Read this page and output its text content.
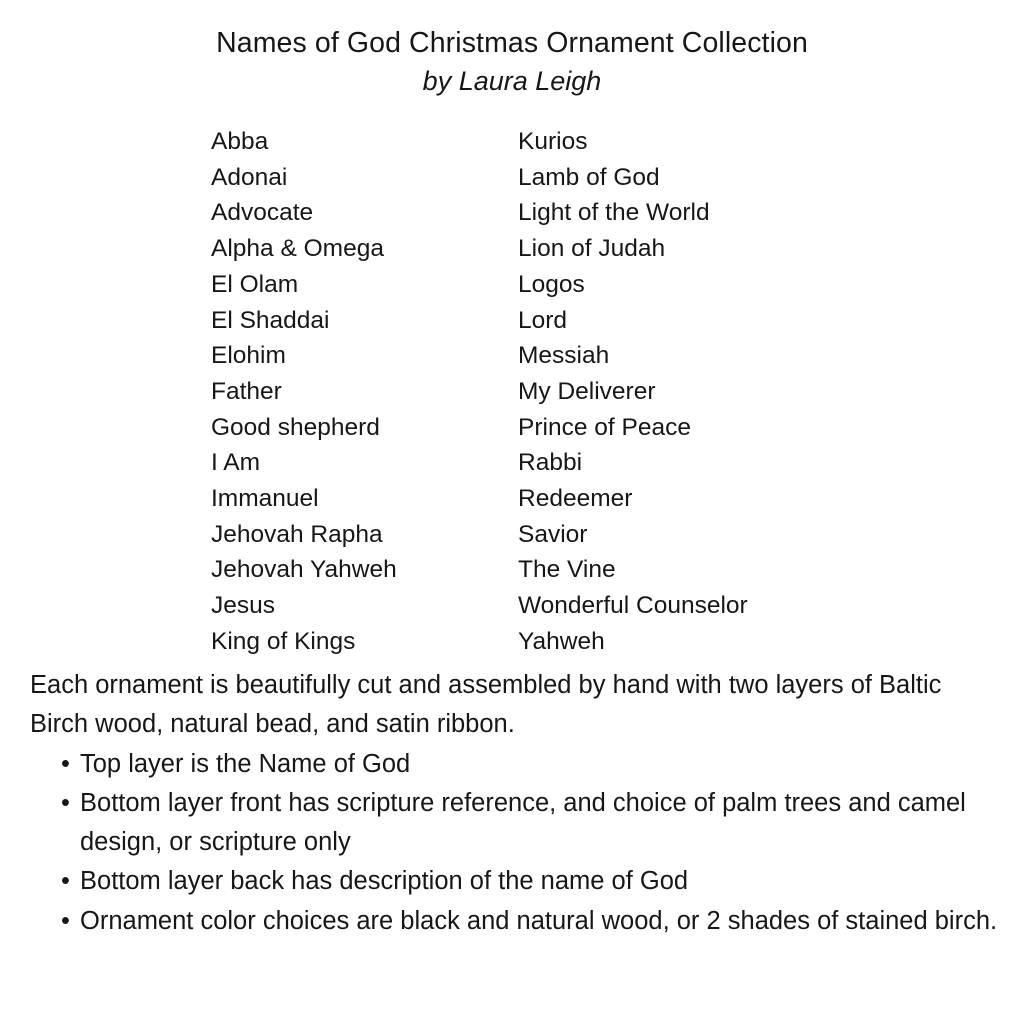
Names of God Christmas Ornament Collection
by Laura Leigh
Abba
Adonai
Advocate
Alpha & Omega
El Olam
El Shaddai
Elohim
Father
Good shepherd
I Am
Immanuel
Jehovah Rapha
Jehovah Yahweh
Jesus
King of Kings
Kurios
Lamb of God
Light of the World
Lion of Judah
Logos
Lord
Messiah
My Deliverer
Prince of Peace
Rabbi
Redeemer
Savior
The Vine
Wonderful Counselor
Yahweh

Each ornament is beautifully cut and assembled by hand with two layers of Baltic Birch wood, natural bead, and satin ribbon.

• Top layer is the Name of God
• Bottom layer front has scripture reference, and choice of palm trees and camel design, or scripture only
• Bottom layer back has description of the name of God
• Ornament color choices are black and natural wood, or 2 shades of stained birch.
